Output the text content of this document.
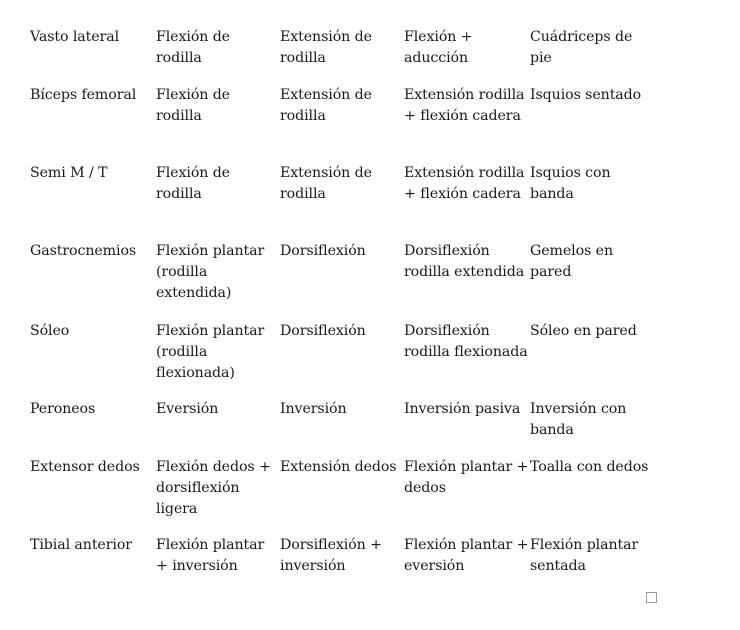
Vasto lateral	Flexión de rodilla	Extensión de rodilla	Flexión + aducción	Cuádriceps de pie

Bíceps femoral	Flexión de rodilla	Extensión de rodilla	Extensión rodilla + flexión cadera	Isquios sentado

Semi M / T	Flexión de rodilla	Extensión de rodilla	Extensión rodilla + flexión cadera	Isquios con banda

Gastrocnemios	Flexión plantar (rodilla extendida)	Dorsiflexión	Dorsiflexión rodilla extendida	Gemelos en pared

Sóleo	Flexión plantar (rodilla flexionada)	Dorsiflexión	Dorsiflexión rodilla flexionada	Sóleo en pared

Peroneos	Eversión	Inversión	Inversión pasiva	Inversión con banda

Extensor dedos	Flexión dedos + dorsiflexión ligera	Extensión dedos	Flexión plantar + dedos	Toalla con dedos

Tibial anterior	Flexión plantar + inversión	Dorsiflexión + inversión	Flexión plantar + eversión	Flexión plantar sentada
